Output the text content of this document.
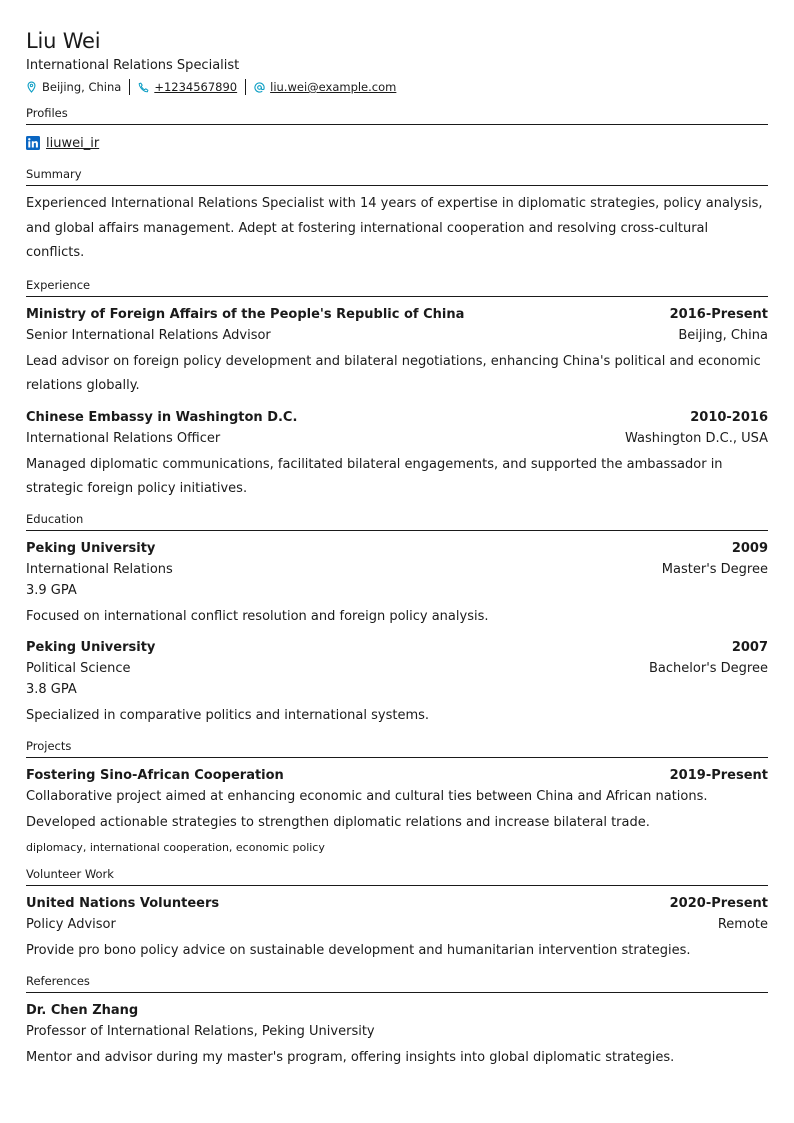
Liu Wei
International Relations Specialist
Beijing, China	+1234567890	liu.wei@example.com
Profiles
liuwei_ir
Summary
Experienced International Relations Specialist with 14 years of expertise in diplomatic strategies, policy analysis, and global affairs management. Adept at fostering international cooperation and resolving cross-cultural conflicts.
Experience
Ministry of Foreign Affairs of the People's Republic of China	2016-Present
Senior International Relations Advisor	Beijing, China
Lead advisor on foreign policy development and bilateral negotiations, enhancing China's political and economic relations globally.
Chinese Embassy in Washington D.C.	2010-2016
International Relations Officer	Washington D.C., USA
Managed diplomatic communications, facilitated bilateral engagements, and supported the ambassador in strategic foreign policy initiatives.
Education
Peking University	2009
International Relations	Master's Degree
3.9 GPA
Focused on international conflict resolution and foreign policy analysis.
Peking University	2007
Political Science	Bachelor's Degree
3.8 GPA
Specialized in comparative politics and international systems.
Projects
Fostering Sino-African Cooperation	2019-Present
Collaborative project aimed at enhancing economic and cultural ties between China and African nations.
Developed actionable strategies to strengthen diplomatic relations and increase bilateral trade.
diplomacy, international cooperation, economic policy
Volunteer Work
United Nations Volunteers	2020-Present
Policy Advisor	Remote
Provide pro bono policy advice on sustainable development and humanitarian intervention strategies.
References
Dr. Chen Zhang
Professor of International Relations, Peking University
Mentor and advisor during my master's program, offering insights into global diplomatic strategies.
